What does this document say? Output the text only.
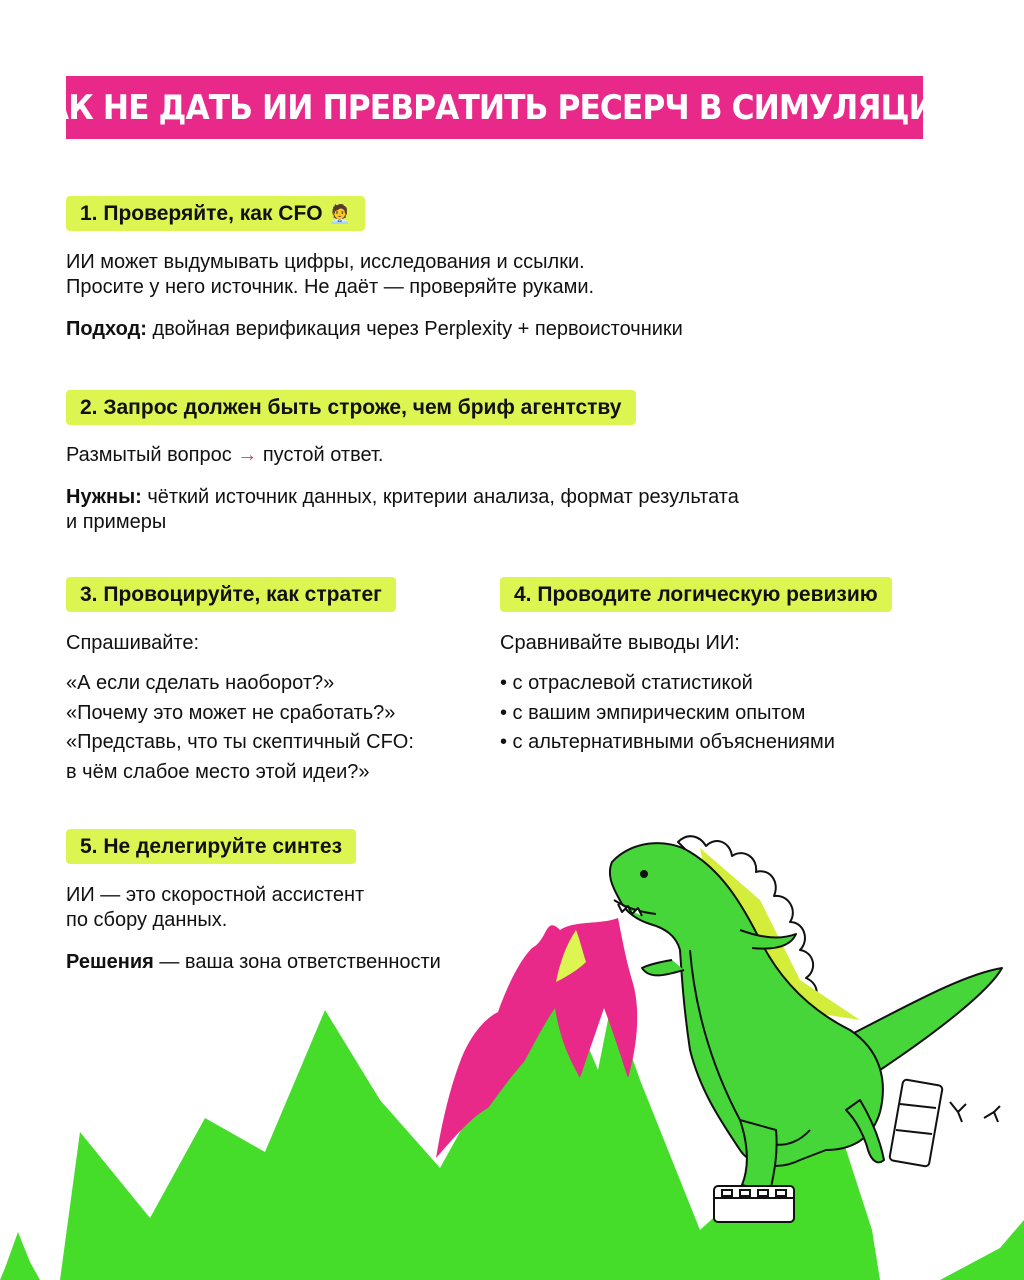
КАК НЕ ДАТЬ ИИ ПРЕВРАТИТЬ РЕСЕРЧ В СИМУЛЯЦИЮ
1. Проверяйте, как CFO 🧑‍💼
ИИ может выдумывать цифры, исследования и ссылки.
Просите у него источник. Не даёт — проверяйте руками.
Подход: двойная верификация через Perplexity + первоисточники
2. Запрос должен быть строже, чем бриф агентству
Размытый вопрос → пустой ответ.
Нужны: чёткий источник данных, критерии анализа, формат результата
и примеры
3. Провоцируйте, как стратег
Спрашивайте:
«А если сделать наоборот?»
«Почему это может не сработать?»
«Представь, что ты скептичный CFO:
в чём слабое место этой идеи?»
4. Проводите логическую ревизию
Сравнивайте выводы ИИ:
• с отраслевой статистикой
• с вашим эмпирическим опытом
• с альтернативными объяснениями
5. Не делегируйте синтез
ИИ — это скоростной ассистент
по сбору данных.
Решения — ваша зона ответственности
